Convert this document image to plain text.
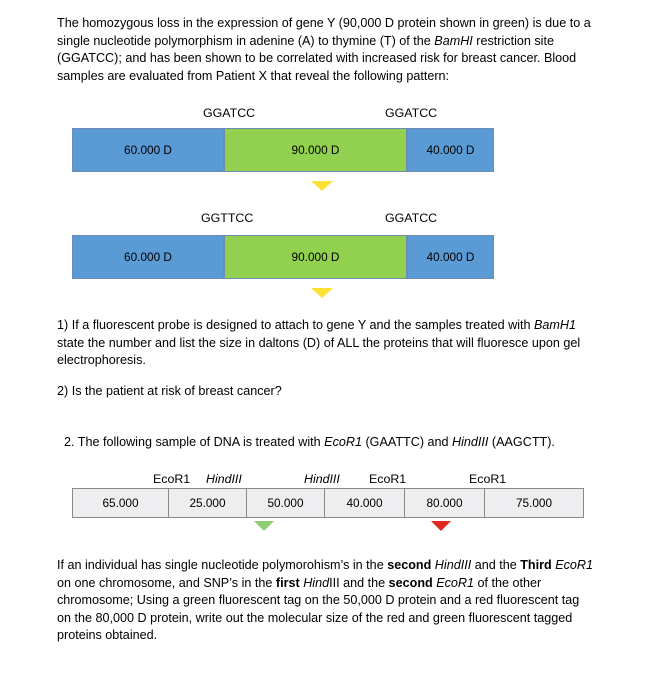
The homozygous loss in the expression of gene Y (90,000 D protein shown in green) is due to a
single nucleotide polymorphism in adenine (A) to thymine (T) of the BamHI restriction site
(GGATCC); and has been shown to be correlated with increased risk for breast cancer. Blood
samples are evaluated from Patient X that reveal the following pattern:
GGATCC	GGATCC
60.000 D	90.000 D	40.000 D
GGTTCC	GGATCC
60.000 D	90.000 D	40.000 D
1) If a fluorescent probe is designed to attach to gene Y and the samples treated with BamH1
state the number and list the size in daltons (D) of ALL the proteins that will fluoresce upon gel
electrophoresis.
2) Is the patient at risk of breast cancer?
2. The following sample of DNA is treated with EcoR1 (GAATTC) and HindIII (AAGCTT).
EcoR1 HindIII	HindIII EcoR1	EcoR1
65.000	25.000	50.000	40.000	80.000	75.000
If an individual has single nucleotide polymorohism’s in the second HindIII and the Third EcoR1
on one chromosome, and SNP’s in the first HindIII and the second EcoR1 of the other
chromosome; Using a green fluorescent tag on the 50,000 D protein and a red fluorescent tag
on the 80,000 D protein, write out the molecular size of the red and green fluorescent tagged
proteins obtained.
